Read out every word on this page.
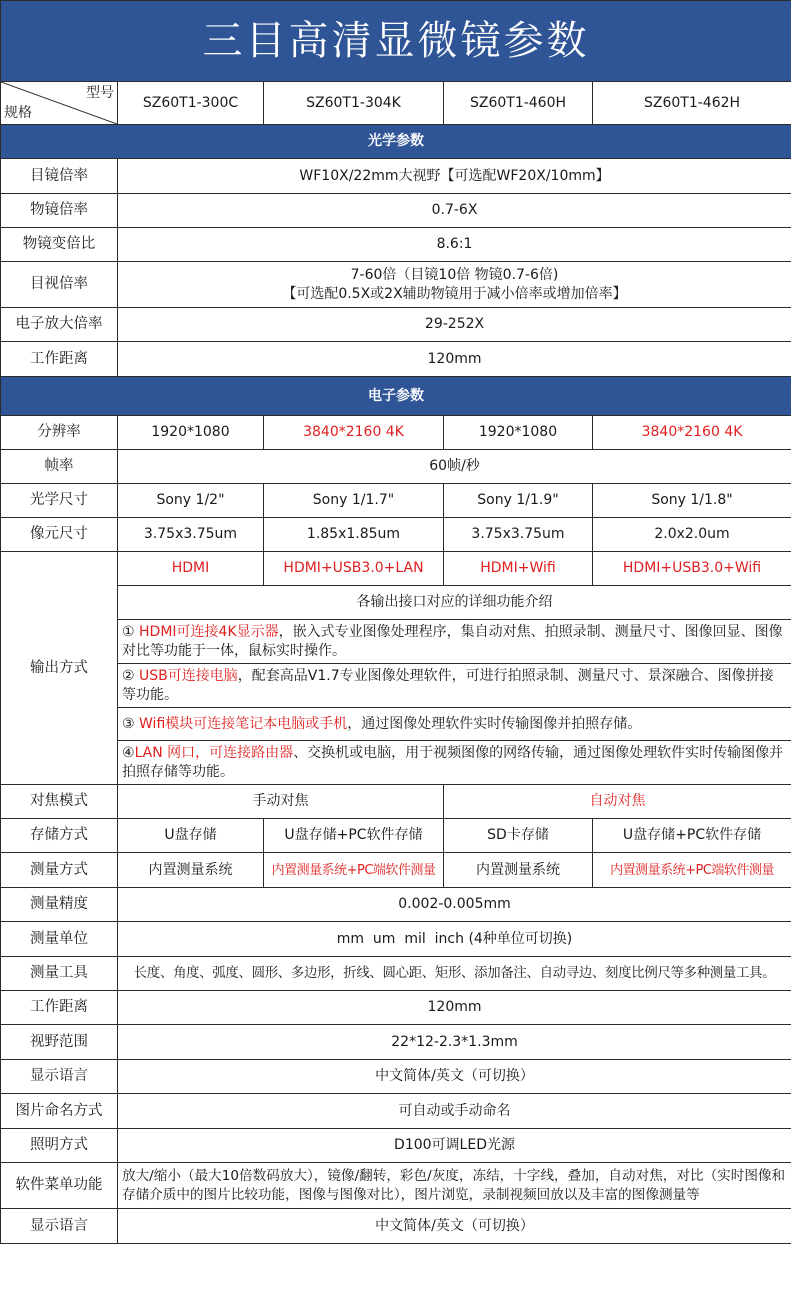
三目高清显微镜参数				

型号
规格	SZ60T1-300C	SZ60T1-304K	SZ60T1-460H	SZ60T1-462H
光学参数				
目镜倍率	WF10X/22mm大视野【可选配WF20X/10mm】			
物镜倍率	0.7-6X			
物镜变倍比	8.6:1			
目视倍率	7-60倍（目镜10倍 物镜0.7-6倍)
【可选配0.5X或2X辅助物镜用于减小倍率或增加倍率】			

电子放大倍率	29-252X			
工作距离	120mm			
电子参数				
分辨率	1920*1080	3840*2160 4K	1920*1080	3840*2160 4K
帧率	60帧/秒			
光学尺寸	Sony 1/2"	Sony 1/1.7"	Sony 1/1.9"	Sony 1/1.8"
像元尺寸	3.75x3.75um	1.85x1.85um	3.75x3.75um	2.0x2.0um
输出方式	HDMI	HDMI+USB3.0+LAN	HDMI+Wifi	HDMI+USB3.0+Wifi
	各输出接口对应的详细功能介绍			
	① HDMI可连接4K显示器，嵌入式专业图像处理程序，集自动对焦、拍照录制、测量尺寸、图像回显、图像对比等功能于一体，鼠标实时操作。			
	② USB可连接电脑，配套高品V1.7专业图像处理软件，可进行拍照录制、测量尺寸、景深融合、图像拼接等功能。			
	③ Wifi模块可连接笔记本电脑或手机，通过图像处理软件实时传输图像并拍照存储。			
	④LAN 网口，可连接路由器、交换机或电脑，用于视频图像的网络传输，通过图像处理软件实时传输图像并拍照存储等功能。			
对焦模式	手动对焦		自动对焦	
存储方式	U盘存储	U盘存储+PC软件存储	SD卡存储	U盘存储+PC软件存储
测量方式	内置测量系统	内置测量系统+PC端软件测量	内置测量系统	内置测量系统+PC端软件测量
测量精度	0.002-0.005mm			
测量单位	mm  um  mil  inch (4种单位可切换)			
测量工具	长度、角度、弧度、圆形、多边形，折线、圆心距、矩形、添加备注、自动寻边、刻度比例尺等多种测量工具。			
工作距离	120mm			
视野范围	22*12-2.3*1.3mm			
显示语言	中文简体/英文（可切换）			
图片命名方式	可自动或手动命名			
照明方式	D100可调LED光源			
软件菜单功能	放大/缩小（最大10倍数码放大），镜像/翻转，彩色/灰度，冻结，十字线，叠加，自动对焦，对比（实时图像和存储介质中的图片比较功能，图像与图像对比），图片浏览，录制视频回放以及丰富的图像测量等			
显示语言	中文简体/英文（可切换）			
